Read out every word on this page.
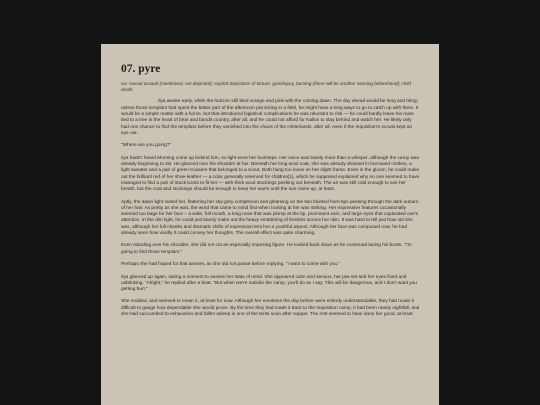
07. pyre

cw: sexual assault (mentioned, not depicted); explicit depictions of torture, gore/injury, burning (there will be another warning beforehand); child death

Ilya awoke early, while the horizon still bled orange and pink with the coming dawn. The day ahead would be long and tiring; unless those templars had spent the better part of the afternoon picnicking in a field, he might have a long ways to go to catch up with them. It would be a simple matter with a horse, but that introduced logistical complications he was reluctant to risk — he could hardly leave his mare tied to a tree in the heart of bear and bandit country, after all, and he could not afford for Kallos to stay behind and watch her. He likely only had one chance to find the templars before they vanished into the chaos of the Hinterlands, after all, even if the Inquisition's scouts kept an eye out.

"Where are you going?"

Ilya hadn't heard Morning come up behind him, so light were her footsteps. Her voice was barely more than a whisper, although the camp was already beginning to stir. He glanced over his shoulder at her. Beneath her long wool coat, she was already dressed in borrowed clothes, a light sweater and a pair of green trousers that belonged to a scout. Both hung too loose on her slight frame. Even in the gloom, he could make out the brilliant red of her shoe-leather — a color generally reserved for children[1], which he supposed explained why no one seemed to have managed to find a pair of stock boots to fit her — with thick wool stockings peeking out beneath. The air was still cold enough to see her breath, but the coat and stockings should be enough to keep her warm until the sun came up, at least.

Aptly, the dawn light suited her, flattering her sky-grey complexion and gleaming on the two blunted horn-tips peeking through the dark auburn of her hair. As pretty as she was, the word that came to mind first when looking at her was striking. Her expressive features occasionally seemed too large for her face – a wide, full mouth, a long nose that was plump at the tip, prominent ears, and large eyes that captivated one's attention. In the dim light, he could just barely make out the heavy smattering of freckles across her skin. It was hard to tell just how old she was, although her full cheeks and dramatic shifts of expression lent her a youthful aspect. Although her face was composed now, he had already seen how vividly it could convey her thoughts. The overall effect was quite charming.

Even standing over his shoulder, she did not cut an especially imposing figure. He looked back down as he continued lacing his boots. "I'm going to find those templars."

Perhaps she had hoped for that answer, as she did not pause before replying. "I want to come with you."

Ilya glanced up again, taking a moment to assess her state of mind. She appeared calm and serious, her jaw set and her eyes fixed and unblinking. "Alright," he replied after a beat. "But when we're outside the camp, you'll do as I say. This will be dangerous, and I don't want you getting hurt."

She nodded, and seemed to mean it, at least for now. Although her emotions the day before were entirely understandable, they had made it difficult to gauge how dependable she would prove. By the time they had made it back to the Inquisition camp, it had been nearly nightfall, and she had succumbed to exhaustion and fallen asleep in one of the tents soon after supper. The rest seemed to have done her good, at least.
